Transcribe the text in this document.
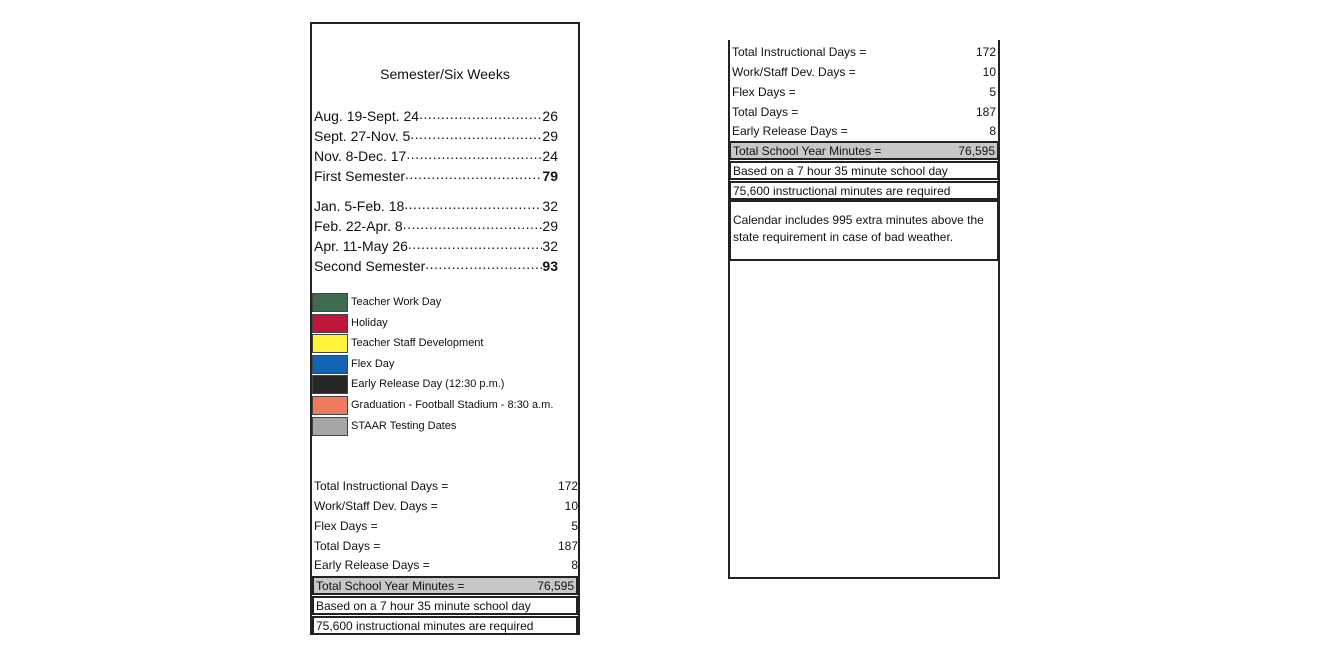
Semester/Six Weeks
Aug. 19-Sept. 24 .....	26
Sept. 27-Nov. 5 .....	29
Nov. 8-Dec. 17 .....	24
First Semester .....	79
Jan. 5-Feb. 18 .....	32
Feb. 22-Apr. 8 .....	29
Apr. 11-May 26 .....	32
Second Semester .....	93
Teacher Work Day
Holiday
Teacher Staff Development
Flex Day
Early Release Day (12:30 p.m.)
Graduation - Football Stadium - 8:30 a.m.
STAAR Testing Dates
Total Instructional Days =	172
Work/Staff Dev. Days =	10
Flex Days =	5
Total Days =	187
Early Release Days =	8
Total School Year Minutes =	76,595
Based on a 7 hour 35 minute school day
75,600 instructional minutes are required
Total Instructional Days =	172
Work/Staff Dev. Days =	10
Flex Days =	5
Total Days =	187
Early Release Days =	8
Total School Year Minutes =	76,595
Based on a 7 hour 35 minute school day
75,600 instructional minutes are required
Calendar includes 995 extra minutes above the state requirement in case of bad weather.
